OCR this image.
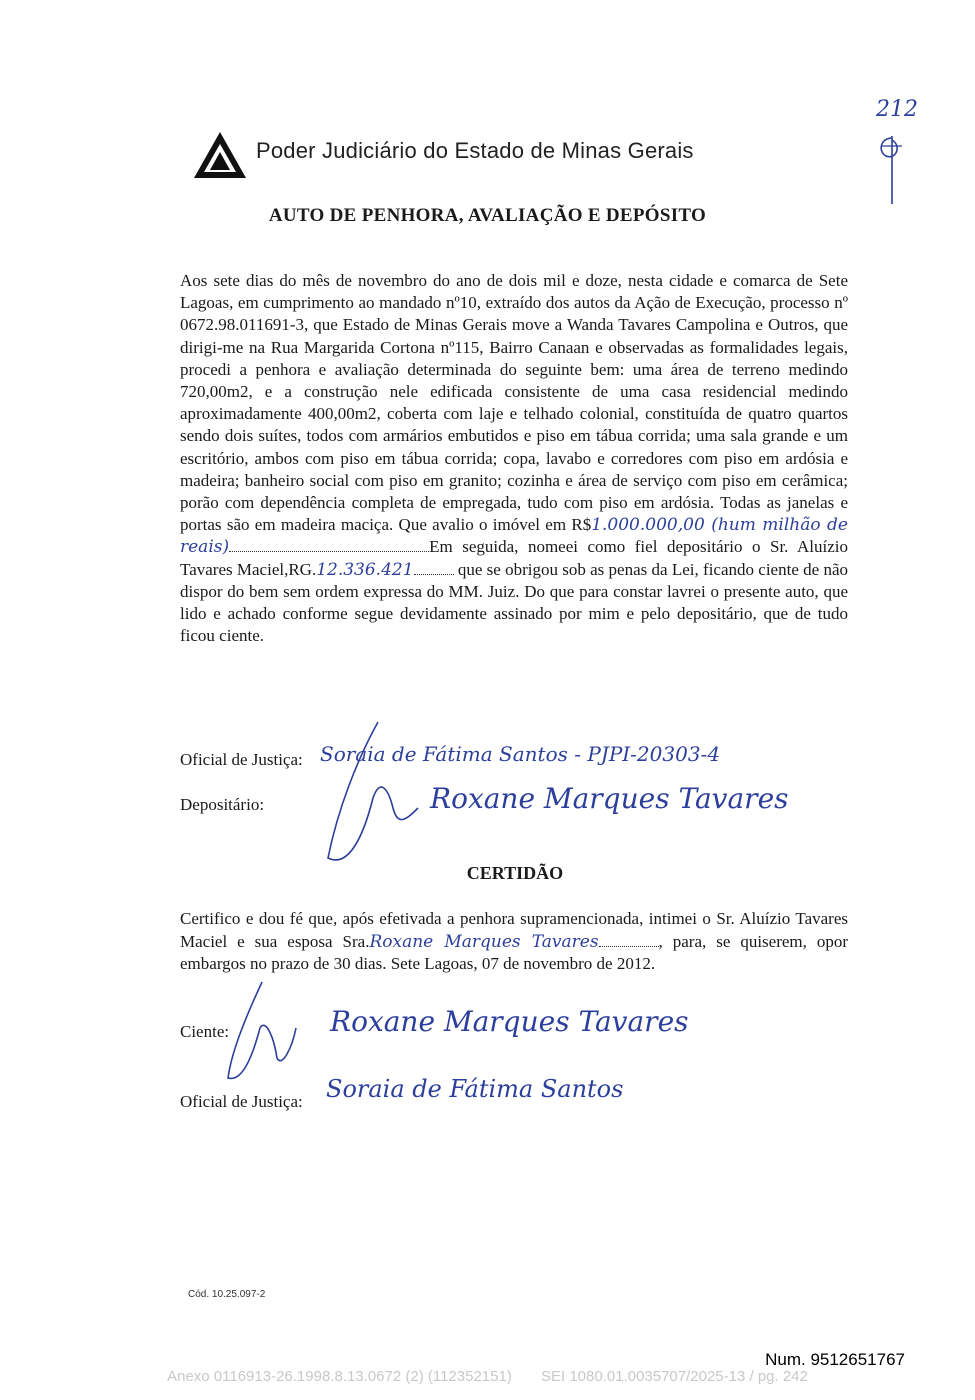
Poder Judiciário do Estado de Minas Gerais
212
AUTO DE PENHORA, AVALIAÇÃO E DEPÓSITO

Aos sete dias do mês de novembro do ano de dois mil e doze, nesta cidade e comarca de Sete Lagoas, em cumprimento ao mandado nº10, extraído dos autos da Ação de Execução, processo nº 0672.98.011691-3, que Estado de Minas Gerais move a Wanda Tavares Campolina e Outros, que dirigi-me na Rua Margarida Cortona nº115, Bairro Canaan e observadas as formalidades legais, procedi a penhora e avaliação determinada do seguinte bem: uma área de terreno medindo 720,00m2, e a construção nele edificada consistente de uma casa residencial medindo aproximadamente 400,00m2, coberta com laje e telhado colonial, constituída de quatro quartos sendo dois suítes, todos com armários embutidos e piso em tábua corrida; uma sala grande e um escritório, ambos com piso em tábua corrida; copa, lavabo e corredores com piso em ardósia e madeira; banheiro social com piso em granito; cozinha e área de serviço com piso em cerâmica; porão com dependência completa de empregada, tudo com piso em ardósia. Todas as janelas e portas são em madeira maciça. Que avalio o imóvel em R$1.000.000,00 (hum milhão de reais)	Em seguida, nomeei como fiel depositário o Sr. Aluízio Tavares Maciel,RG.12.336.421	que se obrigou sob as penas da Lei, ficando ciente de não dispor do bem sem ordem expressa do MM. Juiz. Do que para constar lavrei o presente auto, que lido e achado conforme segue devidamente assinado por mim e pelo depositário, que de tudo ficou ciente.

Oficial de Justiça: Soraia de Fátima Santos - PJPI-20303-4
Depositário:	Roxane Marques Tavares
CERTIDÃO

Certifico e dou fé que, após efetivada a penhora supramencionada, intimei o Sr. Aluízio Tavares Maciel e sua esposa Sra.Roxane Marques Tavares	, para, se quiserem, opor embargos no prazo de 30 dias. Sete Lagoas, 07 de novembro de 2012.

Ciente:	Roxane Marques Tavares
Oficial de Justiça: Soraia de Fátima Santos
Cód. 10.25.097-2
Num. 9512651767
Anexo 0116913-26.1998.8.13.0672 (2) (112352151)       SEI 1080.01.0035707/2025-13 / pg. 242
